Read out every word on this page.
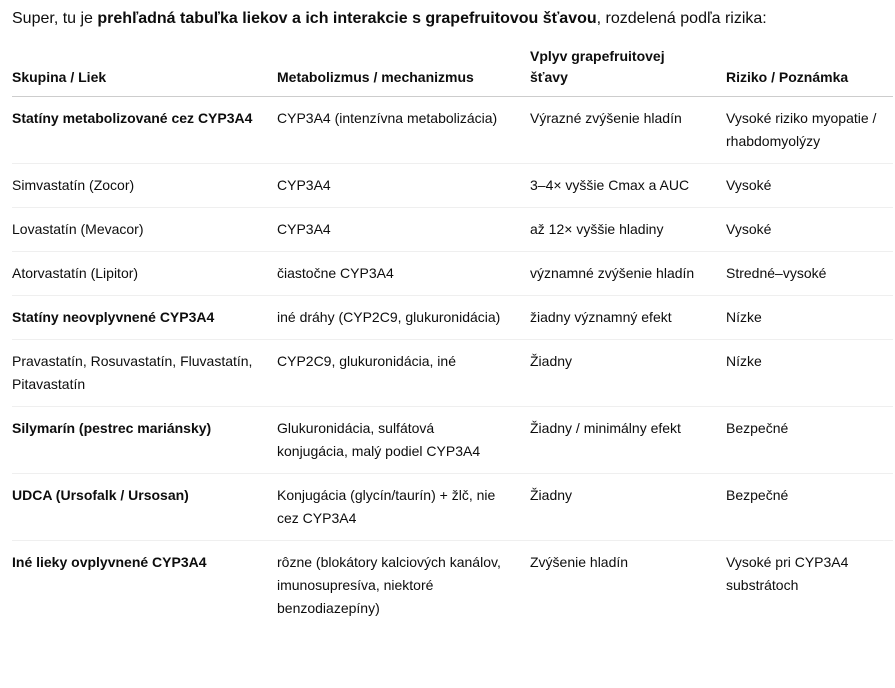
Super, tu je prehľadná tabuľka liekov a ich interakcie s grapefruitovou šťavou, rozdelená podľa rizika:

Skupina / Liek	Metabolizmus / mechanizmus	Vplyv grapefruitovej šťavy	Riziko / Poznámka
Statíny metabolizované cez CYP3A4	CYP3A4 (intenzívna metabolizácia)	Výrazné zvýšenie hladín	Vysoké riziko myopatie / rhabdomyolýzy
Simvastatín (Zocor)	CYP3A4	3–4× vyššie Cmax a AUC	Vysoké
Lovastatín (Mevacor)	CYP3A4	až 12× vyššie hladiny	Vysoké
Atorvastatín (Lipitor)	čiastočne CYP3A4	významné zvýšenie hladín	Stredné–vysoké
Statíny neovplyvnené CYP3A4	iné dráhy (CYP2C9, glukuronidácia)	žiadny významný efekt	Nízke
Pravastatín, Rosuvastatín, Fluvastatín, Pitavastatín	CYP2C9, glukuronidácia, iné	Žiadny	Nízke
Silymarín (pestrec mariánsky)	Glukuronidácia, sulfátová konjugácia, malý podiel CYP3A4	Žiadny / minimálny efekt	Bezpečné
UDCA (Ursofalk / Ursosan)	Konjugácia (glycín/taurín) + žlč, nie cez CYP3A4	Žiadny	Bezpečné
Iné lieky ovplyvnené CYP3A4	rôzne (blokátory kalciových kanálov, imunosupresíva, niektoré benzodiazepíny)	Zvýšenie hladín	Vysoké pri CYP3A4 substrátoch
